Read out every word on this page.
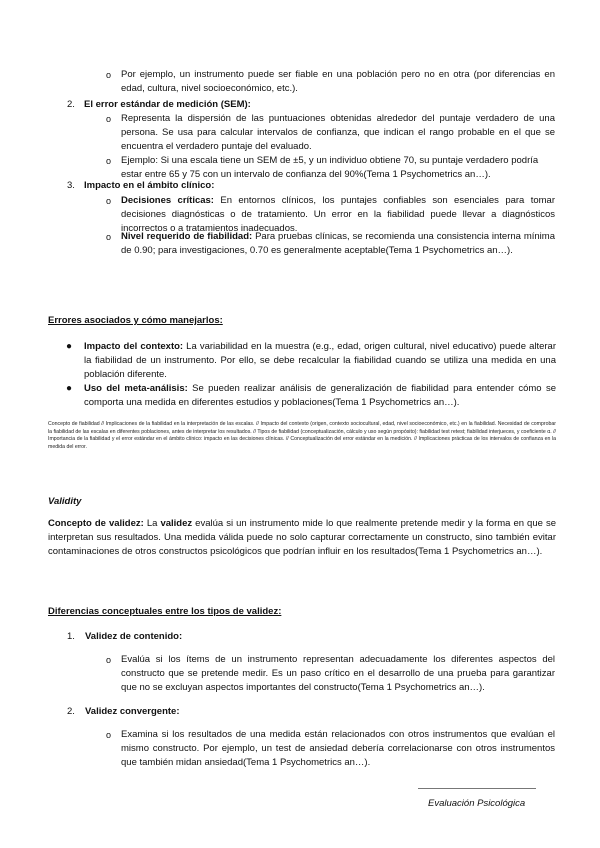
o Por ejemplo, un instrumento puede ser fiable en una población pero no en otra (por diferencias en edad, cultura, nivel socioeconómico, etc.).
2. El error estándar de medición (SEM):
o Representa la dispersión de las puntuaciones obtenidas alrededor del puntaje verdadero de una persona. Se usa para calcular intervalos de confianza, que indican el rango probable en el que se encuentra el verdadero puntaje del evaluado.
o Ejemplo: Si una escala tiene un SEM de ±5, y un individuo obtiene 70, su puntaje verdadero podría estar entre 65 y 75 con un intervalo de confianza del 90%(Tema 1 Psychometrics an…).
3. Impacto en el ámbito clínico:
o Decisiones críticas: En entornos clínicos, los puntajes confiables son esenciales para tomar decisiones diagnósticas o de tratamiento. Un error en la fiabilidad puede llevar a diagnósticos incorrectos o a tratamientos inadecuados.
o Nivel requerido de fiabilidad: Para pruebas clínicas, se recomienda una consistencia interna mínima de 0.90; para investigaciones, 0.70 es generalmente aceptable(Tema 1 Psychometrics an…).
Errores asociados y cómo manejarlos:
● Impacto del contexto: La variabilidad en la muestra (e.g., edad, origen cultural, nivel educativo) puede alterar la fiabilidad de un instrumento. Por ello, se debe recalcular la fiabilidad cuando se utiliza una medida en una población diferente.
● Uso del meta-análisis: Se pueden realizar análisis de generalización de fiabilidad para entender cómo se comporta una medida en diferentes estudios y poblaciones(Tema 1 Psychometrics an…).
Concepto de fiabilidad // Implicaciones de la fiabilidad en la interpretación de las escalas. // Impacto del contexto (origen, contexto sociocultural, edad, nivel socioeconómico, etc.) en la fiabilidad. Necesidad de comprobar la fiabilidad de las escalas en diferentes poblaciones, antes de interpretar los resultados. // Tipos de fiabilidad (conceptualización, cálculo y uso según propósito): fiabilidad test retest; fiabilidad interjueces, y coeficiente α. // Importancia de la fiabilidad y el error estándar en el ámbito clínico: impacto en las decisiones clínicas. // Conceptualización del error estándar en la medición. // Implicaciones prácticas de los intervalos de confianza en la medida del error.
Validity
Concepto de validez: La validez evalúa si un instrumento mide lo que realmente pretende medir y la forma en que se interpretan sus resultados. Una medida válida puede no solo capturar correctamente un constructo, sino también evitar contaminaciones de otros constructos psicológicos que podrían influir en los resultados(Tema 1 Psychometrics an…).
Diferencias conceptuales entre los tipos de validez:
1. Validez de contenido:
o Evalúa si los ítems de un instrumento representan adecuadamente los diferentes aspectos del constructo que se pretende medir. Es un paso crítico en el desarrollo de una prueba para garantizar que no se excluyan aspectos importantes del constructo(Tema 1 Psychometrics an…).
2. Validez convergente:
o Examina si los resultados de una medida están relacionados con otros instrumentos que evalúan el mismo constructo. Por ejemplo, un test de ansiedad debería correlacionarse con otros instrumentos que también midan ansiedad(Tema 1 Psychometrics an…).
Evaluación Psicológica
